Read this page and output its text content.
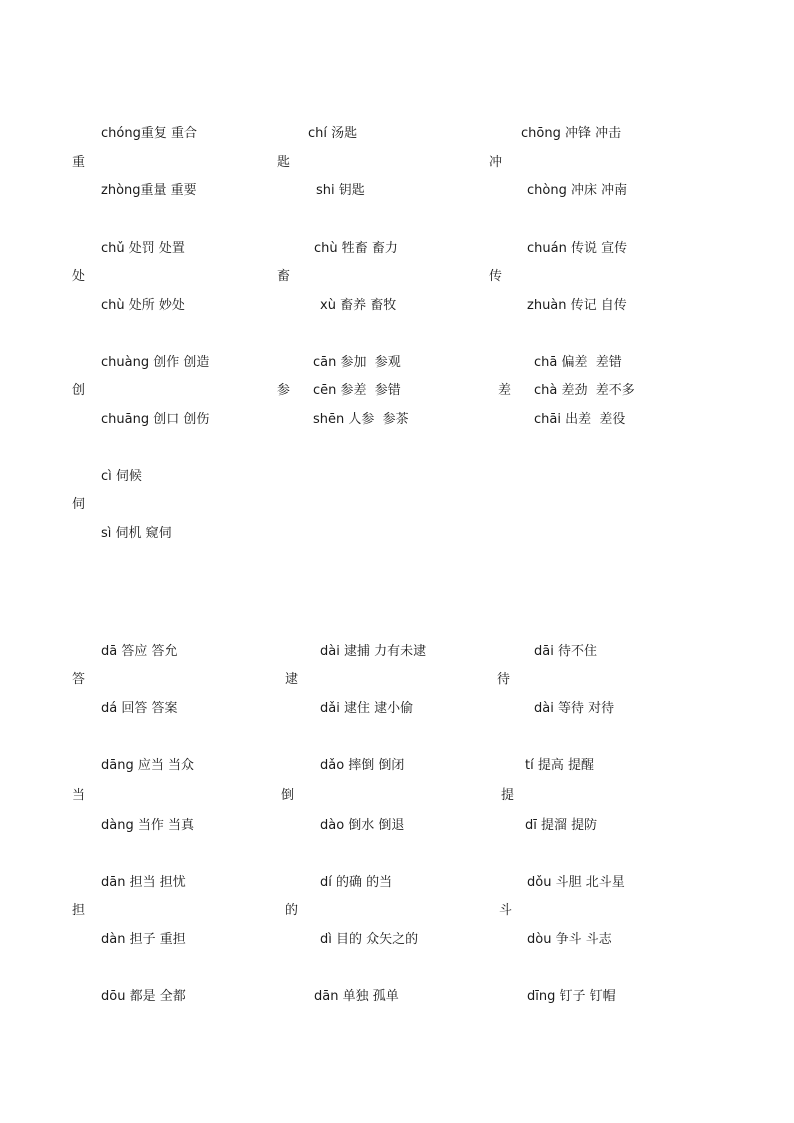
重
chóng重复 重合
zhòng重量 重要
匙
chí 汤匙
shi 钥匙
冲
chōng 冲锋 冲击
chòng 冲床 冲南
处
chǔ 处罚 处置
chù 处所 妙处
畜
chù 牲畜 畜力
xù 畜养 畜牧
传
chuán 传说 宣传
zhuàn 传记 自传
创
chuàng 创作 创造
chuāng 创口 创伤
参
cān 参加  参观
cēn 参差  参错
shēn 人参  参茶
差
chā 偏差  差错
chà 差劲  差不多
chāi 出差  差役
伺
cì 伺候
sì 伺机 窥伺
答
dā 答应 答允
dá 回答 答案
逮
dài 逮捕 力有未逮
dǎi 逮住 逮小偷
待
dāi 待不住
dài 等待 对待
当
dāng 应当 当众
dàng 当作 当真
倒
dǎo 摔倒 倒闭
dào 倒水 倒退
提
tí 提高 提醒
dī 提溜 提防
担
dān 担当 担忧
dàn 担子 重担
的
dí 的确 的当
dì 目的 众矢之的
斗
dǒu 斗胆 北斗星
dòu 争斗 斗志
dōu 都是 全都	dān 单独 孤单	dīng 钉子 钉帽
